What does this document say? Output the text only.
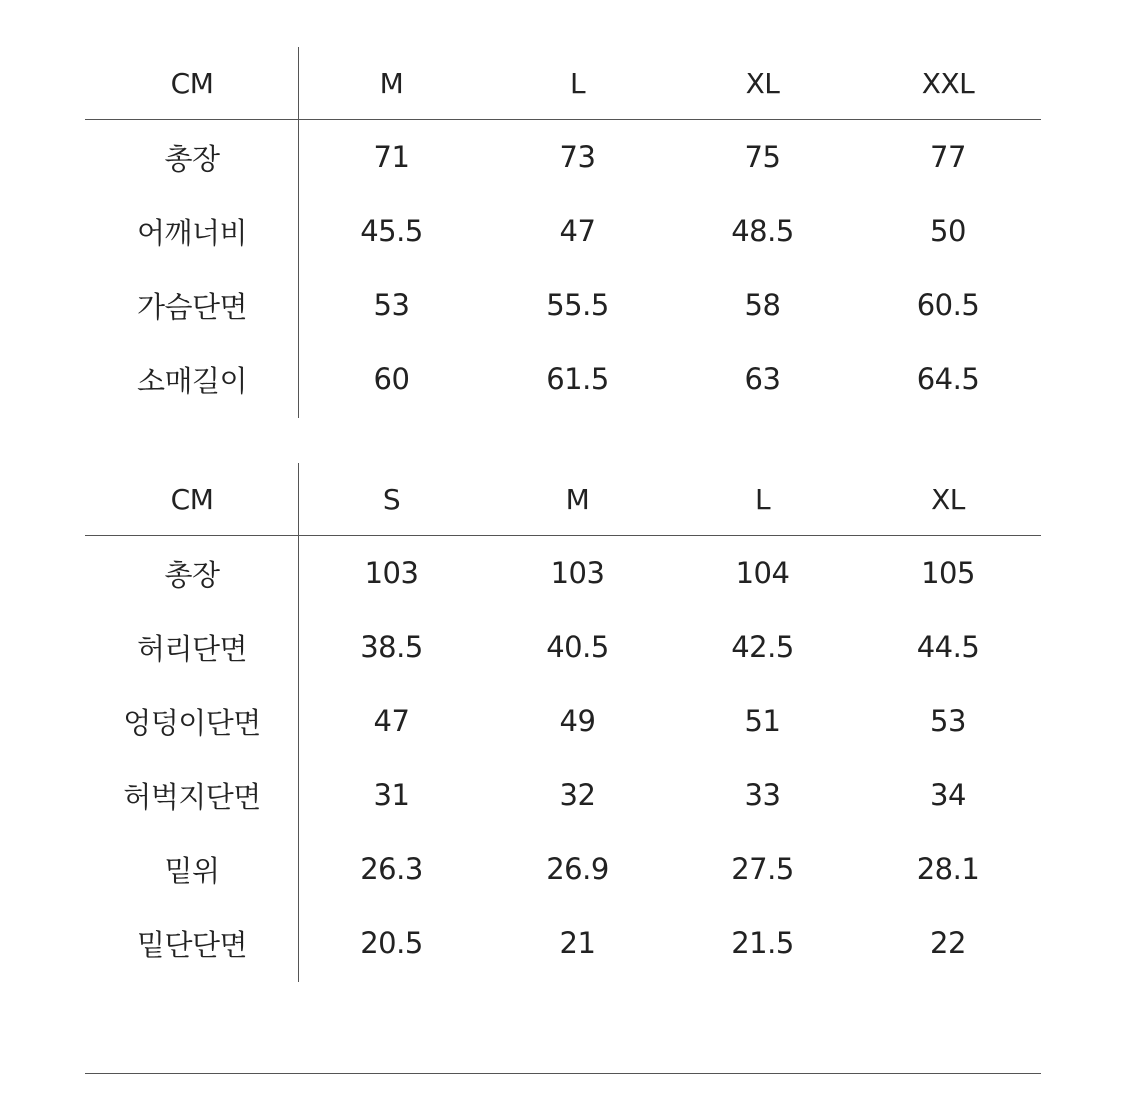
CM	M	L	XL	XXL
총장	71	73	75	77
어깨너비	45.5	47	48.5	50
가슴단면	53	55.5	58	60.5
소매길이	60	61.5	63	64.5
CM	S	M	L	XL
총장	103	103	104	105
허리단면	38.5	40.5	42.5	44.5
엉덩이단면	47	49	51	53
허벅지단면	31	32	33	34
밑위	26.3	26.9	27.5	28.1
밑단단면	20.5	21	21.5	22
